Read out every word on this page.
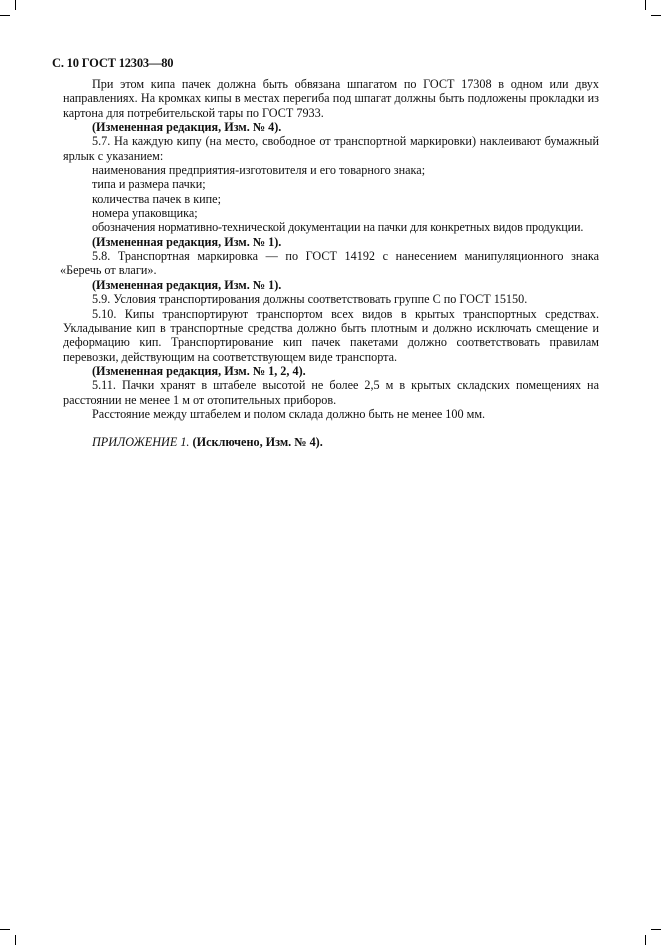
С. 10 ГОСТ 12303—80

При этом кипа пачек должна быть обвязана шпагатом по ГОСТ 17308 в одном или двух направлениях. На кромках кипы в местах перегиба под шпагат должны быть подложены прокладки из картона для потребительской тары по ГОСТ 7933.

(Измененная редакция, Изм. № 4).

5.7. На каждую кипу (на место, свободное от транспортной маркировки) наклеивают бумажный ярлык с указанием:

наименования предприятия-изготовителя и его товарного знака;

типа и размера пачки;

количества пачек в кипе;

номера упаковщика;

обозначения нормативно-технической документации на пачки для конкретных видов продукции.

(Измененная редакция, Изм. № 1).

5.8. Транспортная маркировка — по ГОСТ 14192 с нанесением манипуляционного знака

«Беречь от влаги».

(Измененная редакция, Изм. № 1).

5.9. Условия транспортирования должны соответствовать группе С по ГОСТ 15150.

5.10. Кипы транспортируют транспортом всех видов в крытых транспортных средствах. Укладывание кип в транспортные средства должно быть плотным и должно исключать смещение и деформацию кип. Транспортирование кип пачек пакетами должно соответствовать правилам перевозки, действующим на соответствующем виде транспорта.

(Измененная редакция, Изм. № 1, 2, 4).

5.11. Пачки хранят в штабеле высотой не более 2,5 м в крытых складских помещениях на расстоянии не менее 1 м от отопительных приборов.

Расстояние между штабелем и полом склада должно быть не менее 100 мм.

ПРИЛОЖЕНИЕ 1. (Исключено, Изм. № 4).
